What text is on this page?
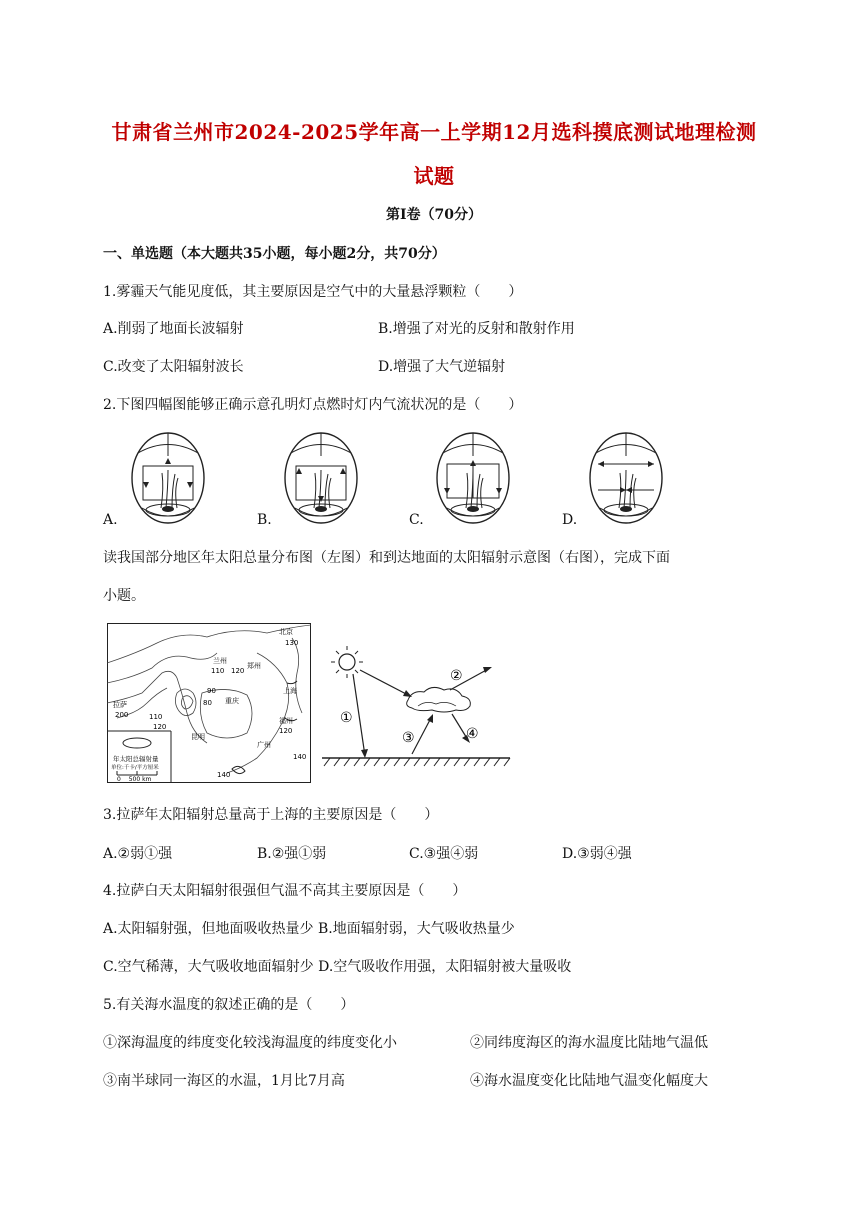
甘肃省兰州市2024-2025学年高一上学期12月选科摸底测试地理检测
试题
第Ⅰ卷（70分）
一、单选题（本大题共35小题，每小题2分，共70分）
1.雾霾天气能见度低，其主要原因是空气中的大量悬浮颗粒（　　）
A.削弱了地面长波辐射	B.增强了对光的反射和散射作用
C.改变了太阳辐射波长	D.增强了大气逆辐射
2.下图四幅图能够正确示意孔明灯点燃时灯内气流状况的是（　　）
A.	B.	C.	D.
读我国部分地区年太阳总量分布图（左图）和到达地面的太阳辐射示意图（右图），完成下面
小题。
北京
130
兰州
郑州
110 120
上海
90
80 重庆
拉萨
200	110
120
福州
120
昆明
广州
140
140
年太阳总辐射量
单位:千卡/平方厘米
0　 500 km
①
②
③	④
3.拉萨年太阳辐射总量高于上海的主要原因是（　　）
A.②弱①强	B.②强①弱	C.③强④弱	D.③弱④强
4.拉萨白天太阳辐射很强但气温不高其主要原因是（　　）
A.太阳辐射强，但地面吸收热量少 B.地面辐射弱，大气吸收热量少
C.空气稀薄，大气吸收地面辐射少 D.空气吸收作用强，太阳辐射被大量吸收
5.有关海水温度的叙述正确的是（　　）
①深海温度的纬度变化较浅海温度的纬度变化小	②同纬度海区的海水温度比陆地气温低
③南半球同一海区的水温，1月比7月高	④海水温度变化比陆地气温变化幅度大
